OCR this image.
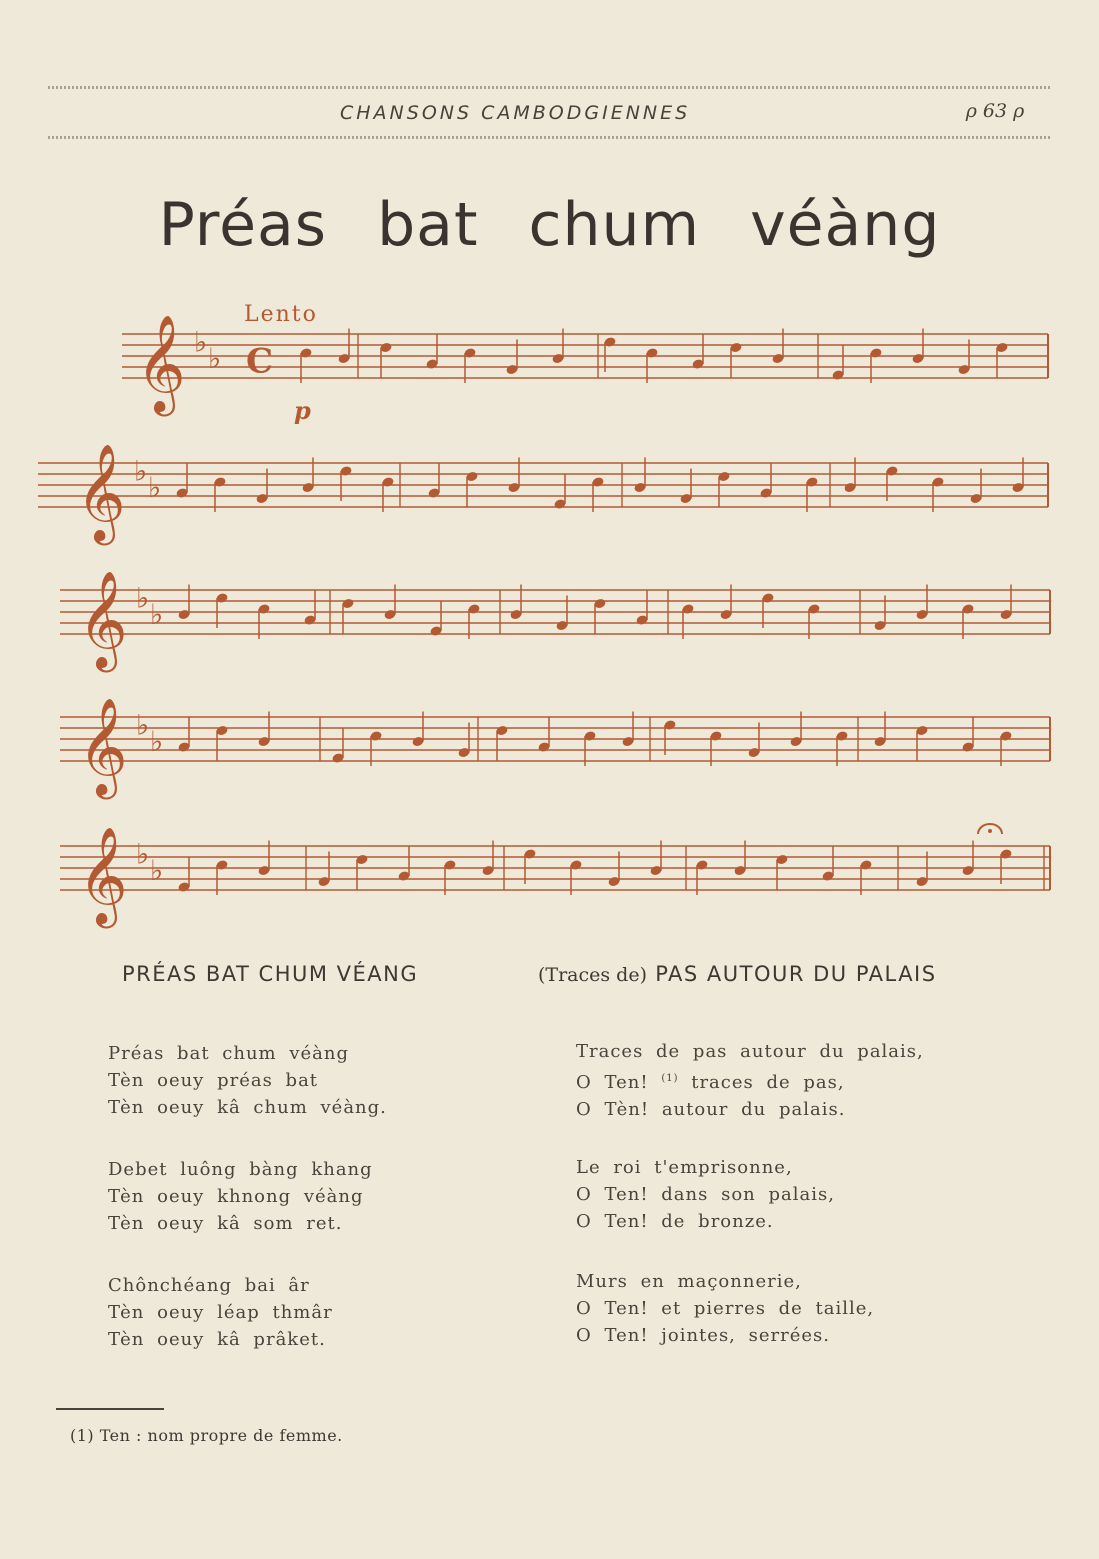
CHANSONS CAMBODGIENNES	ρ 63 ρ
Préas bat chum véàng
𝄞 ♭ ♭ C
𝄞 ♭ ♭
𝄞 ♭ ♭
𝄞 ♭ ♭
𝄞 ♭ ♭
Lento
p
PRÉAS BAT CHUM VÉANG	(Traces de) PAS AUTOUR DU PALAIS
Préas bat chum véàng
Tèn oeuy préas bat
Tèn oeuy kâ chum véàng.
Debet luông bàng khang
Tèn oeuy khnong véàng
Tèn oeuy kâ som ret.
Chônchéang bai âr
Tèn oeuy léap thmâr
Tèn oeuy kâ prâket.
Traces de pas autour du palais,
O Ten! $^{(1)}$ traces de pas,
O Tèn! autour du palais.
Le roi t'emprisonne,
O Ten! dans son palais,
O Ten! de bronze.
Murs en maçonnerie,
O Ten! et pierres de taille,
O Ten! jointes, serrées.
(1) Ten : nom propre de femme.
